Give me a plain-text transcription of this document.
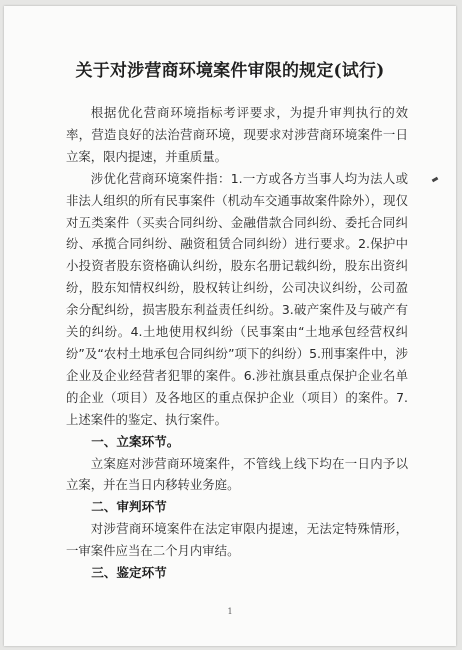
关于对涉营商环境案件审限的规定(试行)

根据优化营商环境指标考评要求，为提升审判执行的效率，营造良好的法治营商环境，现要求对涉营商环境案件一日立案，限内提速，并重质量。

涉优化营商环境案件指：1.一方或各方当事人均为法人或非法人组织的所有民事案件（机动车交通事故案件除外），现仅对五类案件（买卖合同纠纷、金融借款合同纠纷、委托合同纠纷、承揽合同纠纷、融资租赁合同纠纷）进行要求。2.保护中小投资者股东资格确认纠纷，股东名册记载纠纷，股东出资纠纷，股东知情权纠纷，股权转让纠纷，公司决议纠纷，公司盈余分配纠纷，损害股东利益责任纠纷。3.破产案件及与破产有关的纠纷。4.土地使用权纠纷（民事案由“土地承包经营权纠纷”及“农村土地承包合同纠纷”项下的纠纷）5.刑事案件中，涉企业及企业经营者犯罪的案件。6.涉社旗县重点保护企业名单的企业（项目）及各地区的重点保护企业（项目）的案件。7.上述案件的鉴定、执行案件。

一、立案环节。

立案庭对涉营商环境案件，不管线上线下均在一日内予以立案，并在当日内移转业务庭。

二、审判环节

对涉营商环境案件在法定审限内提速，无法定特殊情形，一审案件应当在二个月内审结。

三、鉴定环节
1
